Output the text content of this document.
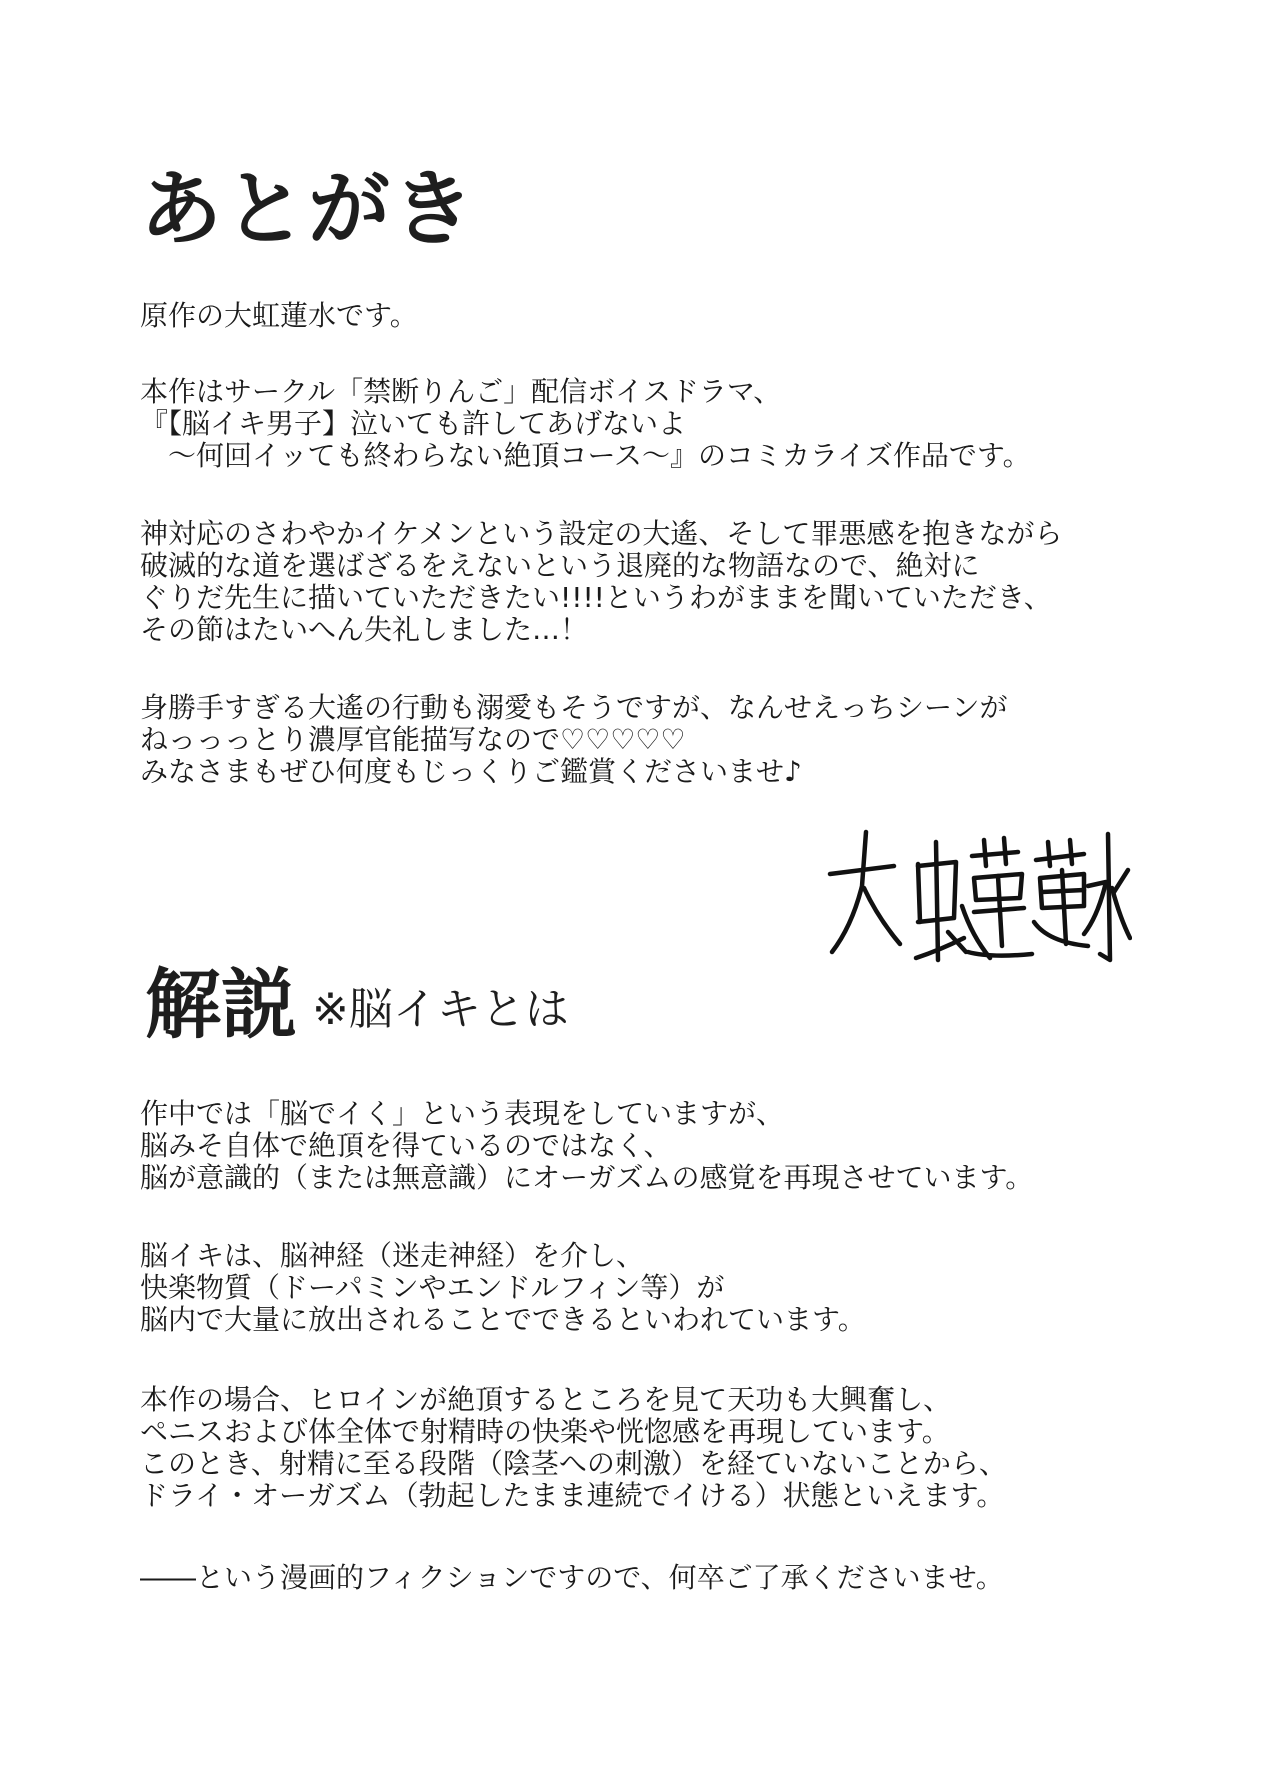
あとがき

原作の大虹蓮水です。

本作はサークル「禁断りんご」配信ボイスドラマ、
『【脳イキ男子】泣いても許してあげないよ
〜何回イッても終わらない絶頂コース〜』のコミカライズ作品です。

神対応のさわやかイケメンという設定の大遙、そして罪悪感を抱きながら
破滅的な道を選ばざるをえないという退廃的な物語なので、絶対に
ぐりだ先生に描いていただきたい!!!!というわがままを聞いていただき、
その節はたいへん失礼しました…！

身勝手すぎる大遙の行動も溺愛もそうですが、なんせえっちシーンが
ねっっっとり濃厚官能描写なので♡♡♡♡♡
みなさまもぜひ何度もじっくりご鑑賞くださいませ♪

解説 ※脳イキとは

作中では「脳でイく」という表現をしていますが、
脳みそ自体で絶頂を得ているのではなく、
脳が意識的（または無意識）にオーガズムの感覚を再現させています。

脳イキは、脳神経（迷走神経）を介し、
快楽物質（ドーパミンやエンドルフィン等）が
脳内で大量に放出されることでできるといわれています。

本作の場合、ヒロインが絶頂するところを見て天功も大興奮し、
ペニスおよび体全体で射精時の快楽や恍惚感を再現しています。
このとき、射精に至る段階（陰茎への刺激）を経ていないことから、
ドライ・オーガズム（勃起したまま連続でイける）状態といえます。

――という漫画的フィクションですので、何卒ご了承くださいませ。
